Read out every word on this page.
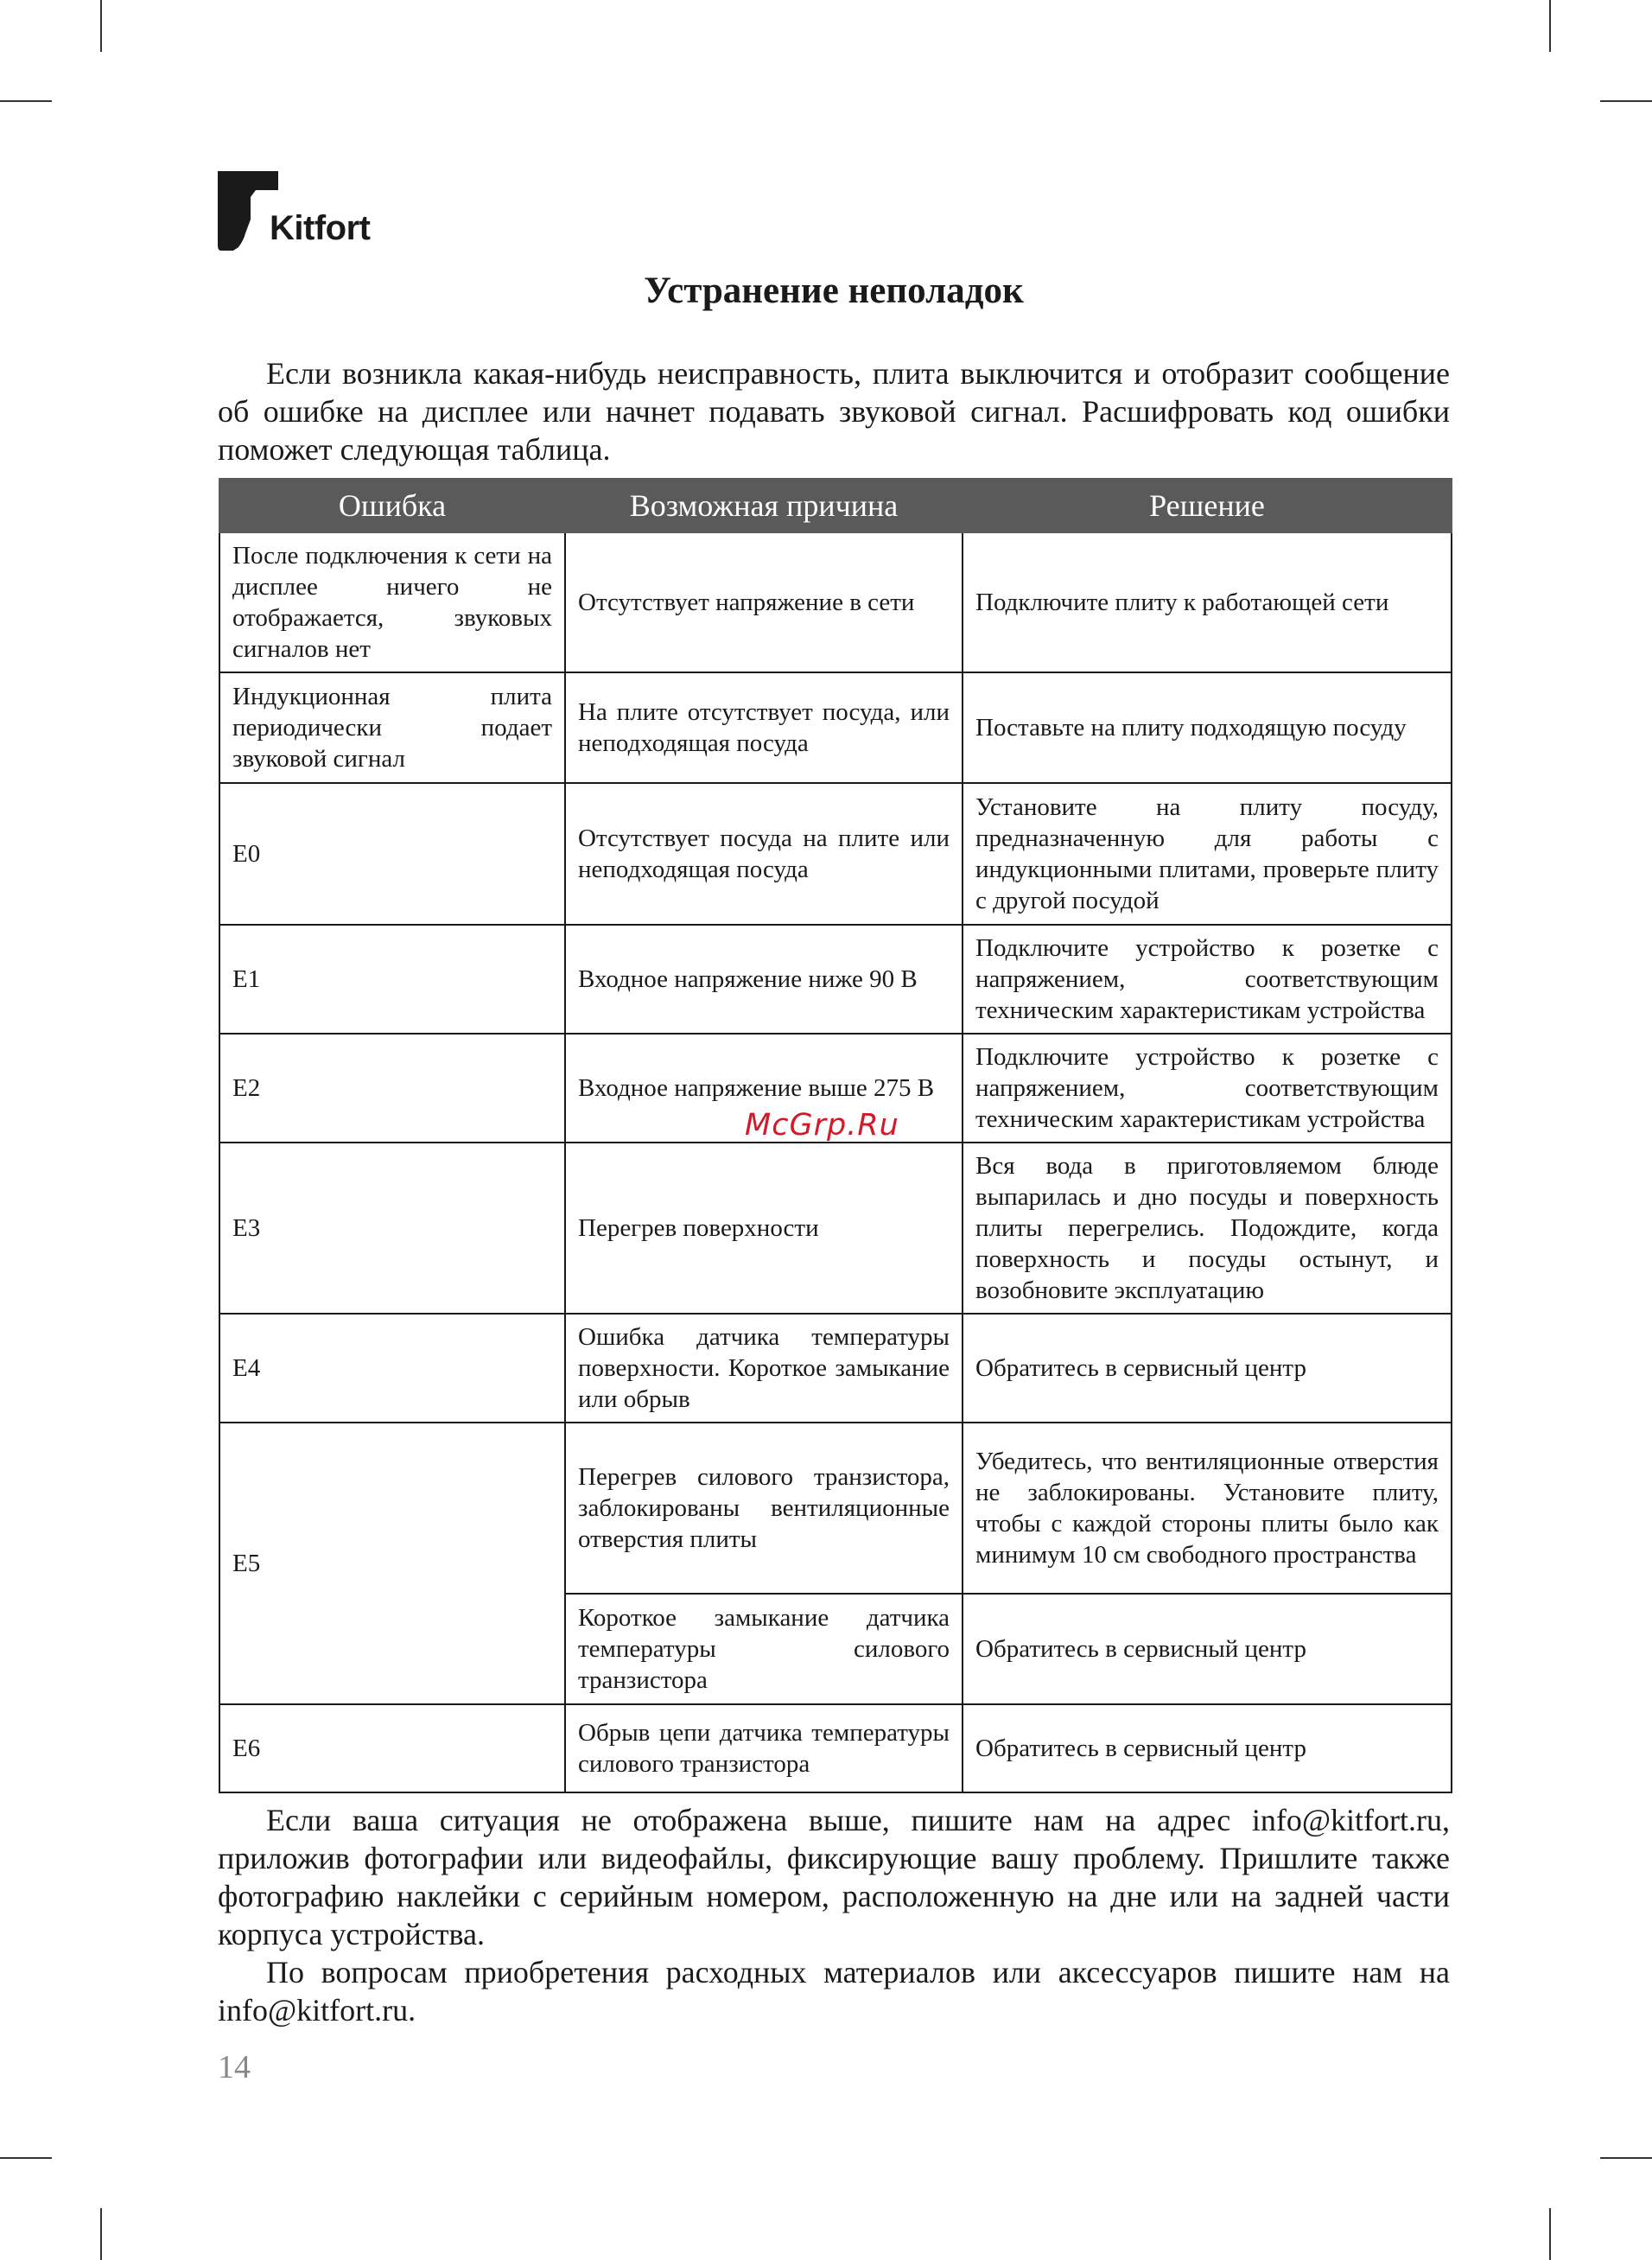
Kitfort
Устранение неполадок

Если возникла какая-нибудь неисправность, плита выключится и отобразит сообщение об ошибке на дисплее или начнет подавать звуковой сигнал. Расшифровать код ошибки поможет следующая таблица.

Ошибка	Возможная причина	Решение
После подключения к сети на дисплее ничего не отображается, звуковых сигналов нет	Отсутствует напряжение в сети	Подключите плиту к работающей сети
Индукционная плита периодически подает звуковой сигнал	На плите отсутствует посуда, или неподходящая посуда	Поставьте на плиту подходящую посуду
E0	Отсутствует посуда на плите или неподходящая посуда	Установите на плиту посуду, предназначенную для работы с индукционными плитами, проверьте плиту с другой посудой
E1	Входное напряжение ниже 90 В	Подключите устройство к розетке с напряжением, соответствующим техническим характеристикам устройства
E2	Входное напряжение выше 275 В	Подключите устройство к розетке с напряжением, соответствующим техническим характеристикам устройства
E3	Перегрев поверхности	Вся вода в приготовляемом блюде выпарилась и дно посуды и поверхность плиты перегрелись. Подождите, когда поверхность и посуды остынут, и возобновите эксплуатацию
E4	Ошибка датчика температуры поверхности. Короткое замыкание или обрыв	Обратитесь в сервисный центр
E5	Перегрев силового транзистора, заблокированы вентиляционные отверстия плиты	Убедитесь, что вентиляционные отверстия не заблокированы. Установите плиту, чтобы с каждой стороны плиты было как минимум 10 см свободного пространства
	Короткое замыкание датчика температуры силового транзистора	Обратитесь в сервисный центр
E6	Обрыв цепи датчика температуры силового транзистора	Обратитесь в сервисный центр
McGrp.Ru

Если ваша ситуация не отображена выше, пишите нам на адрес info@kitfort.ru, приложив фотографии или видеофайлы, фиксирующие вашу проблему. Пришлите также фотографию наклейки с серийным номером, расположенную на дне или на задней части корпуса устройства.

По вопросам приобретения расходных материалов или аксессуаров пишите нам на info@kitfort.ru.

14
